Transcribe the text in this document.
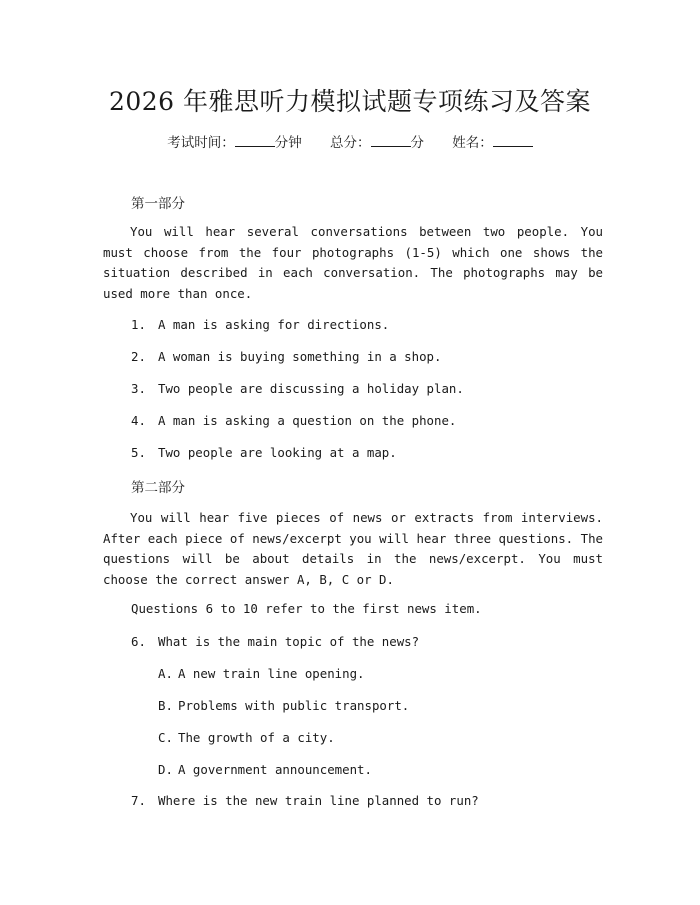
2026 年雅思听力模拟试题专项练习及答案
考试时间：	分钟 总分：	分 姓名：
第一部分
You will hear several conversations between two people. You must choose from the four photographs (1-5) which one shows the situation described in each conversation. The photographs may be used more than once.
1. A man is asking for directions.
2. A woman is buying something in a shop.
3. Two people are discussing a holiday plan.
4. A man is asking a question on the phone.
5. Two people are looking at a map.
第二部分
You will hear five pieces of news or extracts from interviews. After each piece of news/excerpt you will hear three questions. The questions will be about details in the news/excerpt. You must choose the correct answer A, B, C or D.
Questions 6 to 10 refer to the first news item.
6. What is the main topic of the news?
A. A new train line opening.
B. Problems with public transport.
C. The growth of a city.
D. A government announcement.
7. Where is the new train line planned to run?
